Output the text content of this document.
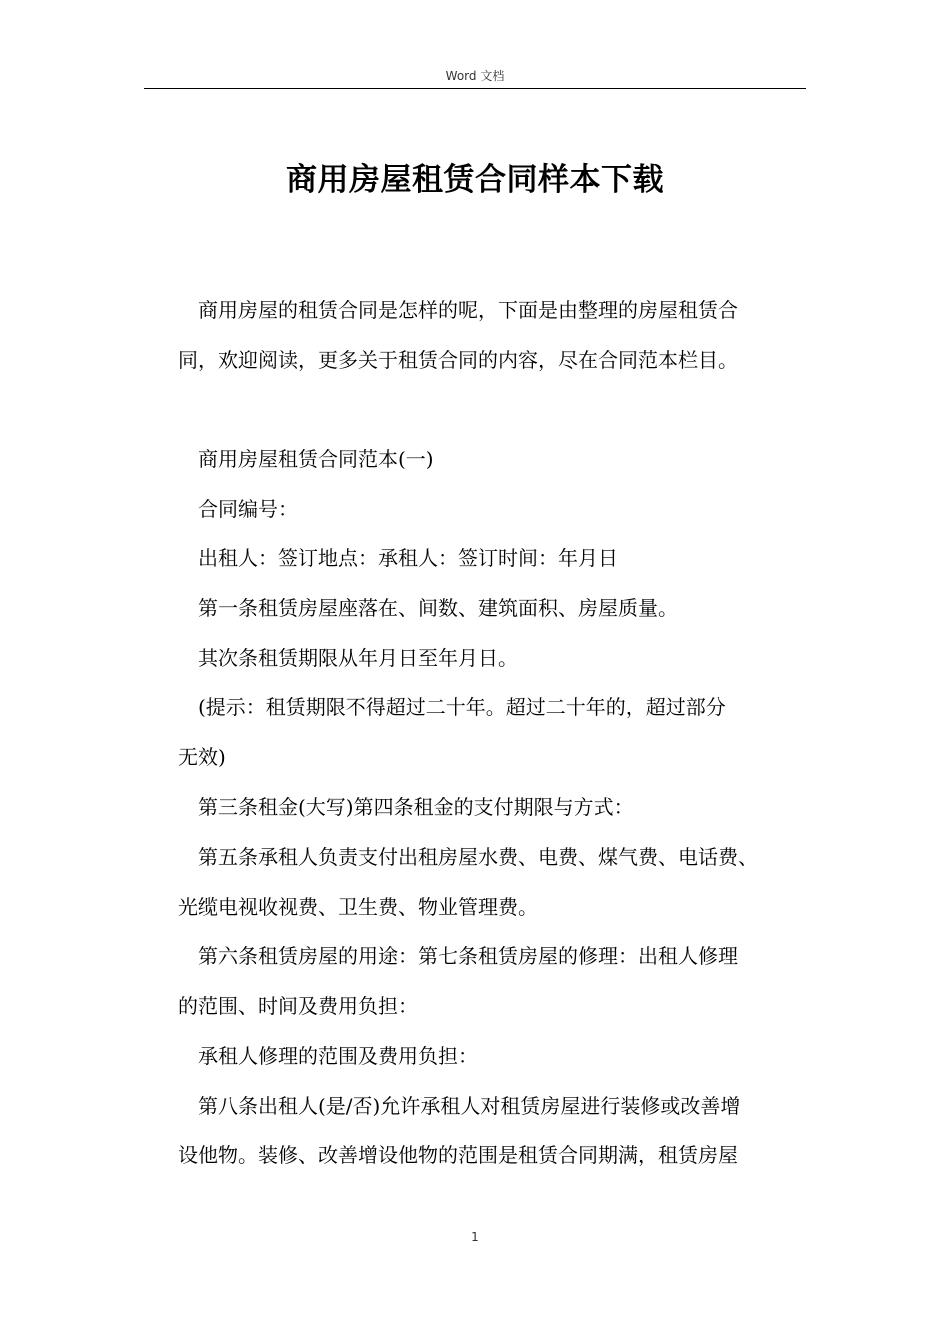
Word 文档
商用房屋租赁合同样本下载
　商用房屋的租赁合同是怎样的呢，下面是由整理的房屋租赁合
同，欢迎阅读，更多关于租赁合同的内容，尽在合同范本栏目。
　商用房屋租赁合同范本(一)
　合同编号：
　出租人：签订地点：承租人：签订时间：年月日
　第一条租赁房屋座落在、间数、建筑面积、房屋质量。
　其次条租赁期限从年月日至年月日。
　(提示：租赁期限不得超过二十年。超过二十年的，超过部分
无效)
　第三条租金(大写)第四条租金的支付期限与方式：
　第五条承租人负责支付出租房屋水费、电费、煤气费、电话费、
光缆电视收视费、卫生费、物业管理费。
　第六条租赁房屋的用途：第七条租赁房屋的修理：出租人修理
的范围、时间及费用负担：
　承租人修理的范围及费用负担：
　第八条出租人(是/否)允许承租人对租赁房屋进行装修或改善增
设他物。装修、改善增设他物的范围是租赁合同期满，租赁房屋
1
